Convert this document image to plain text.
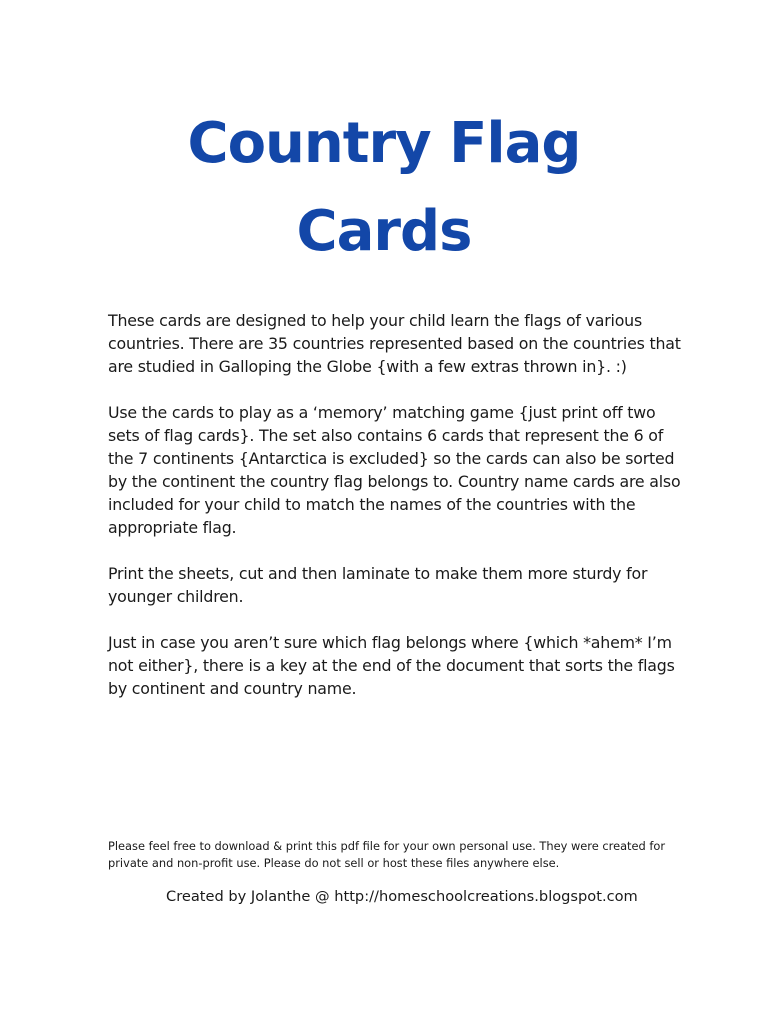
Country Flag
Cards

These cards are designed to help your child learn the flags of various countries. There are 35 countries represented based on the countries that are studied in Galloping the Globe {with a few extras thrown in}. :)

Use the cards to play as a ‘memory’ matching game {just print off two sets of flag cards}. The set also contains 6 cards that represent the 6 of the 7 continents {Antarctica is excluded} so the cards can also be sorted by the continent the country flag belongs to. Country name cards are also included for your child to match the names of the countries with the appropriate flag.

Print the sheets, cut and then laminate to make them more sturdy for younger children.

Just in case you aren’t sure which flag belongs where {which *ahem* I’m not either}, there is a key at the end of the document that sorts the flags by continent and country name.

Please feel free to download & print this pdf file for your own personal use. They were created for private and non-profit use. Please do not sell or host these files anywhere else.
Created by Jolanthe @ http://homeschoolcreations.blogspot.com
